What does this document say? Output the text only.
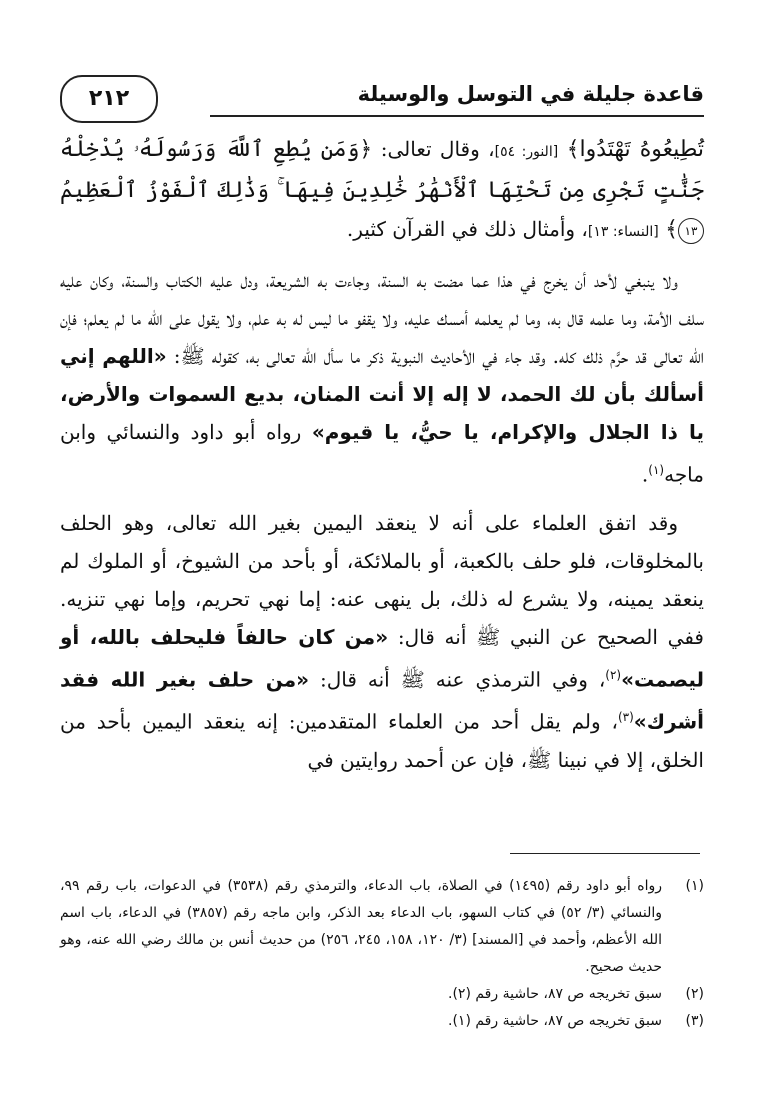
قاعدة جليلة في التوسل والوسيلة
٢١٢

تُطِيعُوهُ تَهْتَدُوا﴾ [النور: ٥٤]، وقال تعالى: ﴿وَمَن يُطِعِ ٱللَّهَ وَرَسُولَهُۥ يُدْخِلْهُ جَنَّٰتٍ تَجْرِى مِن تَحْتِهَا ٱلْأَنْهَٰرُ خَٰلِدِينَ فِيهَا ۚ وَذَٰلِكَ ٱلْفَوْزُ ٱلْعَظِيمُ ١٣﴾ [النساء: ١٣]، وأمثال ذلك في القرآن كثير.

ولا ينبغي لأحد أن يخرج في هذا عما مضت به السنة، وجاءت به الشريعة، ودل عليه الكتاب والسنة، وكان عليه سلف الأمة، وما علمه قال به، وما لم يعلمه أمسك عليه، ولا يقفو ما ليس له به علم، ولا يقول على الله ما لم يعلم؛ فإن الله تعالى قد حرَّم ذلك كله. وقد جاء في الأحاديث النبوية ذكر ما سأل الله تعالى به، كقوله ﷺ: «اللهم إني أسألك بأن لك الحمد، لا إله إلا أنت المنان، بديع السموات والأرض، يا ذا الجلال والإكرام، يا حيُّ، يا قيوم» رواه أبو داود والنسائي وابن ماجه$^{(١)}$.

وقد اتفق العلماء على أنه لا ينعقد اليمين بغير الله تعالى، وهو الحلف بالمخلوقات، فلو حلف بالكعبة، أو بالملائكة، أو بأحد من الشيوخ، أو الملوك لم ينعقد يمينه، ولا يشرع له ذلك، بل ينهى عنه: إما نهي تحريم، وإما نهي تنزيه. ففي الصحيح عن النبي ﷺ أنه قال: «من كان حالفاً فليحلف بالله، أو ليصمت»$^{(٢)}$، وفي الترمذي عنه ﷺ أنه قال: «من حلف بغير الله فقد أشرك»$^{(٣)}$، ولم يقل أحد من العلماء المتقدمين: إنه ينعقد اليمين بأحد من الخلق، إلا في نبينا ﷺ، فإن عن أحمد روايتين في

(١)
رواه أبو داود رقم (١٤٩٥) في الصلاة، باب الدعاء، والترمذي رقم (٣٥٣٨) في الدعوات، باب رقم ٩٩، والنسائي (٣/ ٥٢) في كتاب السهو، باب الدعاء بعد الذكر، وابن ماجه رقم (٣٨٥٧) في الدعاء، باب اسم الله الأعظم، وأحمد في [المسند] (٣/ ١٢٠، ١٥٨، ٢٤٥، ٢٥٦) من حديث أنس بن مالك رضي الله عنه، وهو حديث صحيح.
(٢)
سبق تخريجه ص ٨٧، حاشية رقم (٢).
(٣)
سبق تخريجه ص ٨٧، حاشية رقم (١).
